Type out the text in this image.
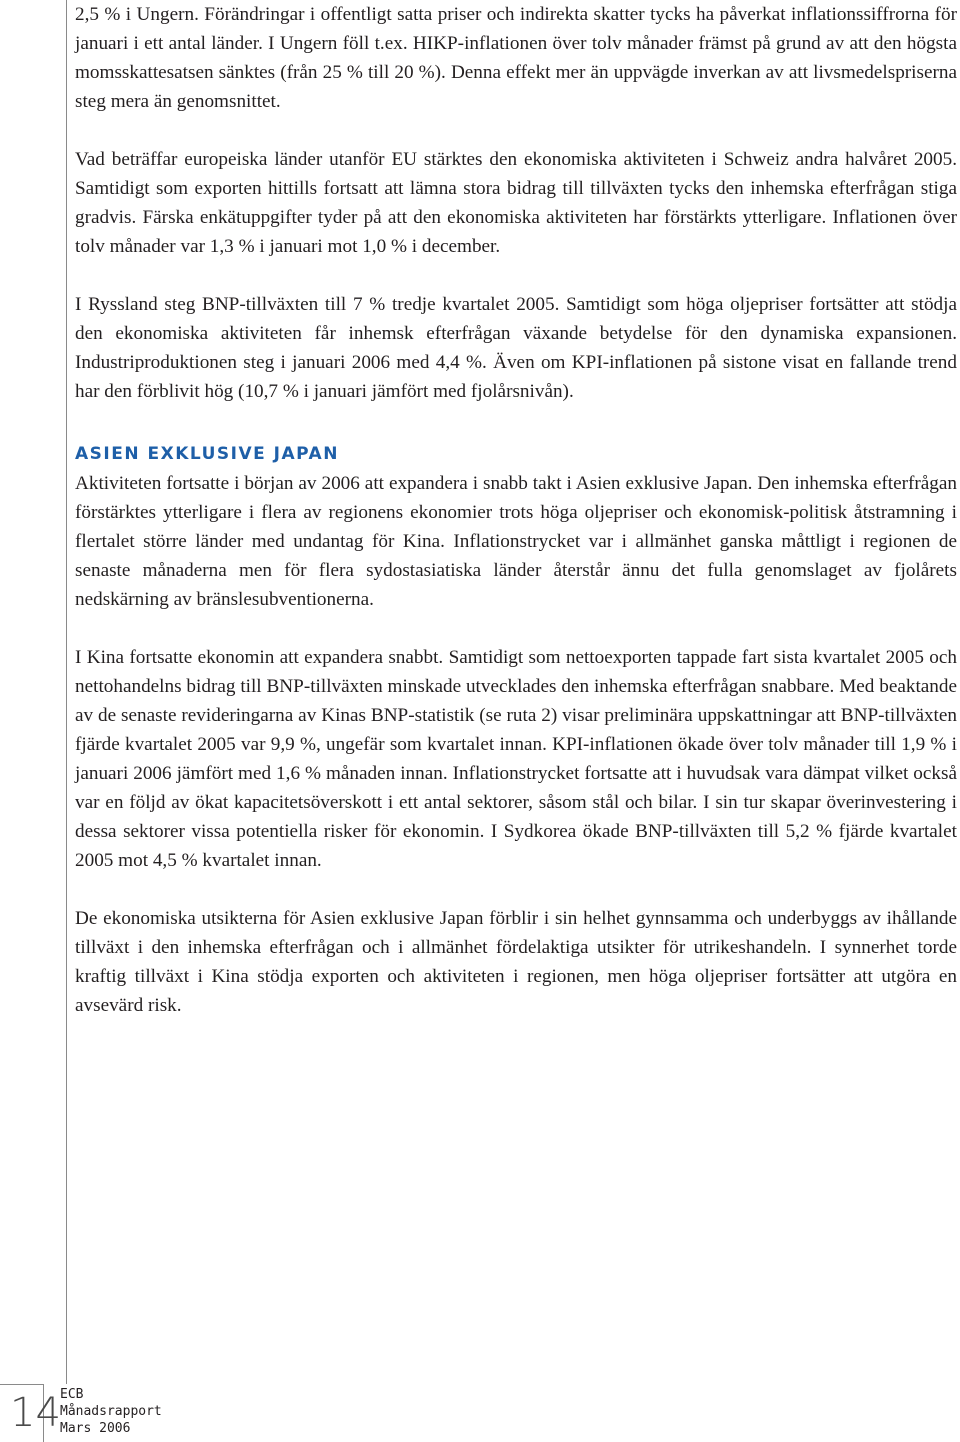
2,5 % i Ungern. Förändringar i offentligt satta priser och indirekta skatter tycks ha påverkat inflationssiffrorna för januari i ett antal länder. I Ungern föll t.ex. HIKP-inflationen över tolv månader främst på grund av att den högsta momsskattesatsen sänktes (från 25 % till 20 %). Denna effekt mer än uppvägde inverkan av att livsmedelspriserna steg mera än genomsnittet.

Vad beträffar europeiska länder utanför EU stärktes den ekonomiska aktiviteten i Schweiz andra halvåret 2005. Samtidigt som exporten hittills fortsatt att lämna stora bidrag till tillväxten tycks den inhemska efterfrågan stiga gradvis. Färska enkätuppgifter tyder på att den ekonomiska aktiviteten har förstärkts ytterligare. Inflationen över tolv månader var 1,3 % i januari mot 1,0 % i december.

I Ryssland steg BNP-tillväxten till 7 % tredje kvartalet 2005. Samtidigt som höga oljepriser fortsätter att stödja den ekonomiska aktiviteten får inhemsk efterfrågan växande betydelse för den dynamiska expansionen. Industriproduktionen steg i januari 2006 med 4,4 %. Även om KPI-inflationen på sistone visat en fallande trend har den förblivit hög (10,7 % i januari jämfört med fjolårsnivån).

ASIEN EXKLUSIVE JAPAN

Aktiviteten fortsatte i början av 2006 att expandera i snabb takt i Asien exklusive Japan. Den inhemska efterfrågan förstärktes ytterligare i flera av regionens ekonomier trots höga oljepriser och ekonomisk-politisk åtstramning i flertalet större länder med undantag för Kina. Inflationstrycket var i allmänhet ganska måttligt i regionen de senaste månaderna men för flera sydostasiatiska länder återstår ännu det fulla genomslaget av fjolårets nedskärning av bränslesubventionerna.

I Kina fortsatte ekonomin att expandera snabbt. Samtidigt som nettoexporten tappade fart sista kvartalet 2005 och nettohandelns bidrag till BNP-tillväxten minskade utvecklades den inhemska efterfrågan snabbare. Med beaktande av de senaste revideringarna av Kinas BNP-statistik (se ruta 2) visar preliminära uppskattningar att BNP-tillväxten fjärde kvartalet 2005 var 9,9 %, ungefär som kvartalet innan. KPI-inflationen ökade över tolv månader till 1,9 % i januari 2006 jämfört med 1,6 % månaden innan. Inflationstrycket fortsatte att i huvudsak vara dämpat vilket också var en följd av ökat kapacitetsöverskott i ett antal sektorer, såsom stål och bilar. I sin tur skapar överinvestering i dessa sektorer vissa potentiella risker för ekonomin. I Sydkorea ökade BNP-tillväxten till 5,2 % fjärde kvartalet 2005 mot 4,5 % kvartalet innan.

De ekonomiska utsikterna för Asien exklusive Japan förblir i sin helhet gynnsamma och underbyggs av ihållande tillväxt i den inhemska efterfrågan och i allmänhet fördelaktiga utsikter för utrikeshandeln. I synnerhet torde kraftig tillväxt i Kina stödja exporten och aktiviteten i regionen, men höga oljepriser fortsätter att utgöra en avsevärd risk.

14 ECB
Månadsrapport
Mars 2006
